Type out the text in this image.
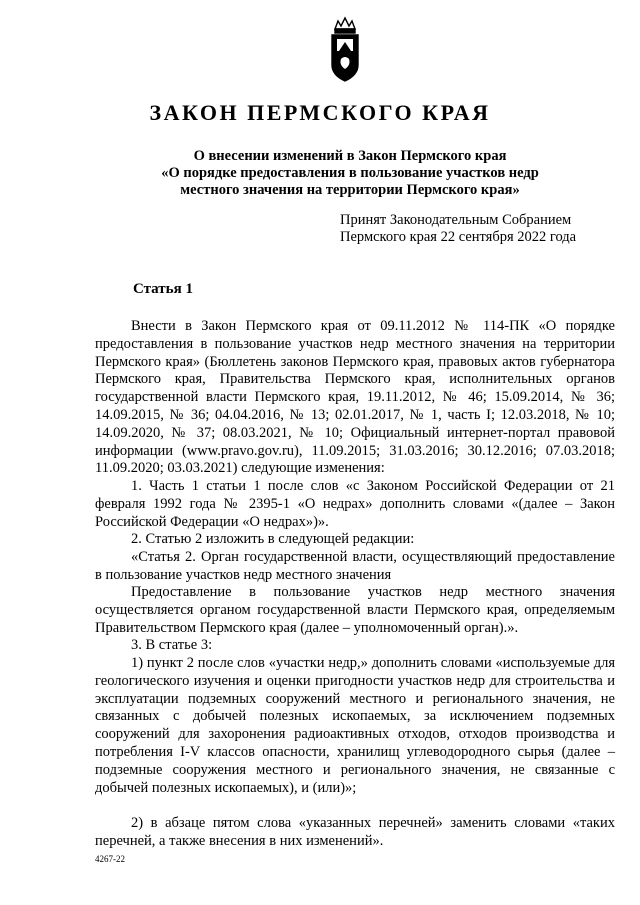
ЗАКОН ПЕРМСКОГО КРАЯ
О внесении изменений в Закон Пермского края
«О порядке предоставления в пользование участков недр
местного значения на территории Пермского края»
Принят Законодательным Собранием
Пермского края 22 сентября 2022 года
Статья 1

Внести в Закон Пермского края от 09.11.2012 № 114-ПК «О порядке предоставления в пользование участков недр местного значения на территории Пермского края» (Бюллетень законов Пермского края, правовых актов губернатора Пермского края, Правительства Пермского края, исполнительных органов государственной власти Пермского края, 19.11.2012, № 46; 15.09.2014, № 36; 14.09.2015, № 36; 04.04.2016, № 13; 02.01.2017, № 1, часть I; 12.03.2018, № 10; 14.09.2020, № 37; 08.03.2021, № 10; Официальный интернет-портал правовой информации (www.pravo.gov.ru), 11.09.2015; 31.03.2016; 30.12.2016; 07.03.2018; 11.09.2020; 03.03.2021) следующие изменения:

1. Часть 1 статьи 1 после слов «с Законом Российской Федерации от 21 февраля 1992 года № 2395-1 «О недрах» дополнить словами «(далее – Закон Российской Федерации «О недрах»)».

2. Статью 2 изложить в следующей редакции:

«Статья 2. Орган государственной власти, осуществляющий предоставление в пользование участков недр местного значения

Предоставление в пользование участков недр местного значения осуществляется органом государственной власти Пермского края, определяемым Правительством Пермского края (далее – уполномоченный орган).».

3. В статье 3:

1) пункт 2 после слов «участки недр,» дополнить словами «используемые для геологического изучения и оценки пригодности участков недр для строительства и эксплуатации подземных сооружений местного и регионального значения, не связанных с добычей полезных ископаемых, за исключением подземных сооружений для захоронения радиоактивных отходов, отходов производства и потребления I-V классов опасности, хранилищ углеводородного сырья (далее – подземные сооружения местного и регионального значения, не связанные с добычей полезных ископаемых), и (или)»;

2) в абзаце пятом слова «указанных перечней» заменить словами «таких перечней, а также внесения в них изменений».

4267-22
